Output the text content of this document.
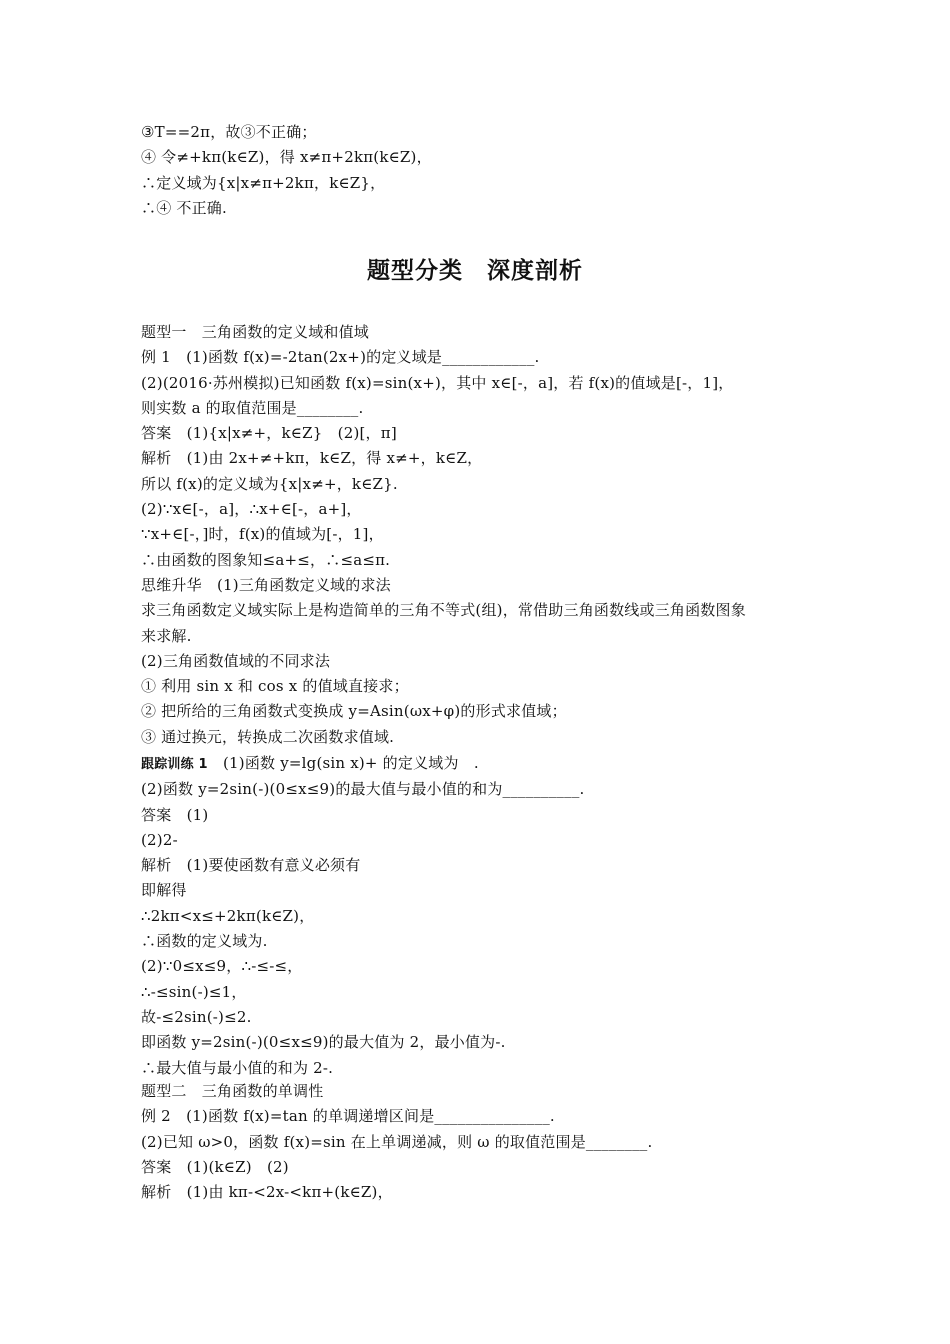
③T==2π，故③不正确；
④ 令≠+kπ(k∈Z)，得 x≠π+2kπ(k∈Z)，
∴定义域为{x|x≠π+2kπ，k∈Z}，
∴④ 不正确.
题型分类　深度剖析
题型一　三角函数的定义域和值域
例 1　(1)函数 f(x)=-2tan(2x+)的定义域是____________.
(2)(2016·苏州模拟)已知函数 f(x)=sin(x+)，其中 x∈[-，a]，若 f(x)的值域是[-，1]，
则实数 a 的取值范围是________.
答案　(1){x|x≠+，k∈Z}　(2)[，π]
解析　(1)由 2x+≠+kπ，k∈Z，得 x≠+，k∈Z，
所以 f(x)的定义域为{x|x≠+，k∈Z}.
(2)∵x∈[-，a]，∴x+∈[-，a+]，
∵x+∈[-，]时，f(x)的值域为[-，1]，
∴由函数的图象知≤a+≤，∴≤a≤π.
思维升华　(1)三角函数定义域的求法
求三角函数定义域实际上是构造简单的三角不等式(组)，常借助三角函数线或三角函数图象
来求解.
(2)三角函数值域的不同求法
① 利用 sin x 和 cos x 的值域直接求；
② 把所给的三角函数式变换成 y=Asin(ωx+φ)的形式求值域；
③ 通过换元，转换成二次函数求值域.
跟踪训练 1　(1)函数 y=lg(sin x)+ 的定义域为　.
(2)函数 y=2sin(-)(0≤x≤9)的最大值与最小值的和为__________.
答案　(1)
(2)2-
解析　(1)要使函数有意义必须有
即解得
∴2kπ<x≤+2kπ(k∈Z)，
∴函数的定义域为.
(2)∵0≤x≤9，∴-≤-≤，
∴-≤sin(-)≤1，
故-≤2sin(-)≤2.
即函数 y=2sin(-)(0≤x≤9)的最大值为 2，最小值为-.
∴最大值与最小值的和为 2-.
题型二　三角函数的单调性
例 2　(1)函数 f(x)=tan 的单调递增区间是_______________.
(2)已知 ω>0，函数 f(x)=sin 在上单调递减，则 ω 的取值范围是________.
答案　(1)(k∈Z)　(2)
解析　(1)由 kπ-<2x-<kπ+(k∈Z)，
